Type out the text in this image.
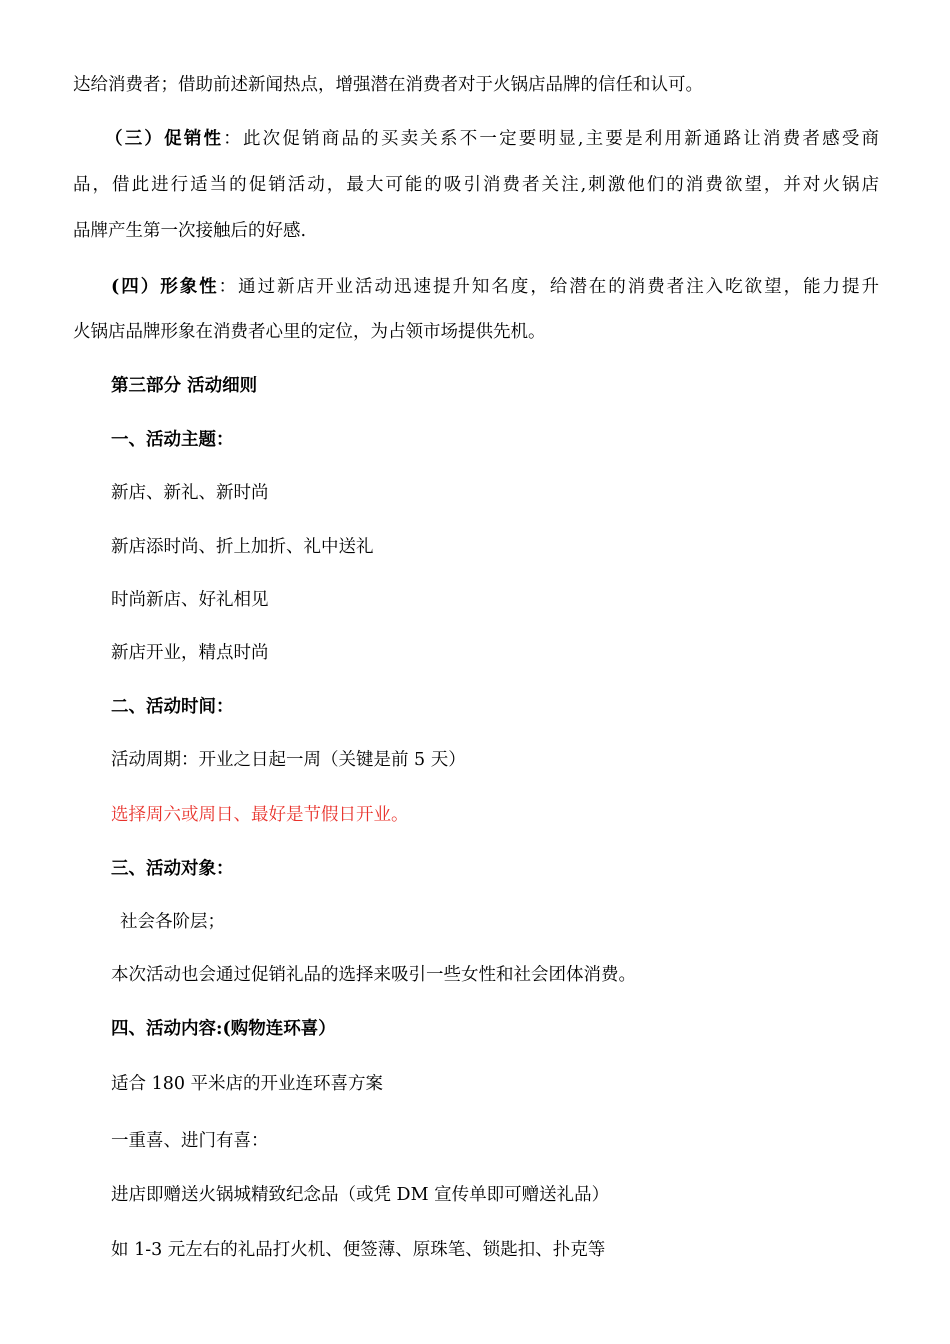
达给消费者；借助前述新闻热点，增强潜在消费者对于火锅店品牌的信任和认可。
（三）促销性：此次促销商品的买卖关系不一定要明显,主要是利用新通路让消费者感受商
品，借此进行适当的促销活动，最大可能的吸引消费者关注,刺激他们的消费欲望，并对火锅店
品牌产生第一次接触后的好感.
(四）形象性：通过新店开业活动迅速提升知名度，给潜在的消费者注入吃欲望，能力提升
火锅店品牌形象在消费者心里的定位，为占领市场提供先机。
第三部分 活动细则
一、活动主题：
新店、新礼、新时尚
新店添时尚、折上加折、礼中送礼
时尚新店、好礼相见
新店开业，精点时尚
二、活动时间：
活动周期：开业之日起一周（关键是前 5 天）
选择周六或周日、最好是节假日开业。
三、活动对象：
社会各阶层；
本次活动也会通过促销礼品的选择来吸引一些女性和社会团体消费。
四、活动内容:(购物连环喜）
适合 180 平米店的开业连环喜方案
一重喜、进门有喜：
进店即赠送火锅城精致纪念品（或凭 DM 宣传单即可赠送礼品）
如 1-3 元左右的礼品打火机、便签薄、原珠笔、锁匙扣、扑克等
